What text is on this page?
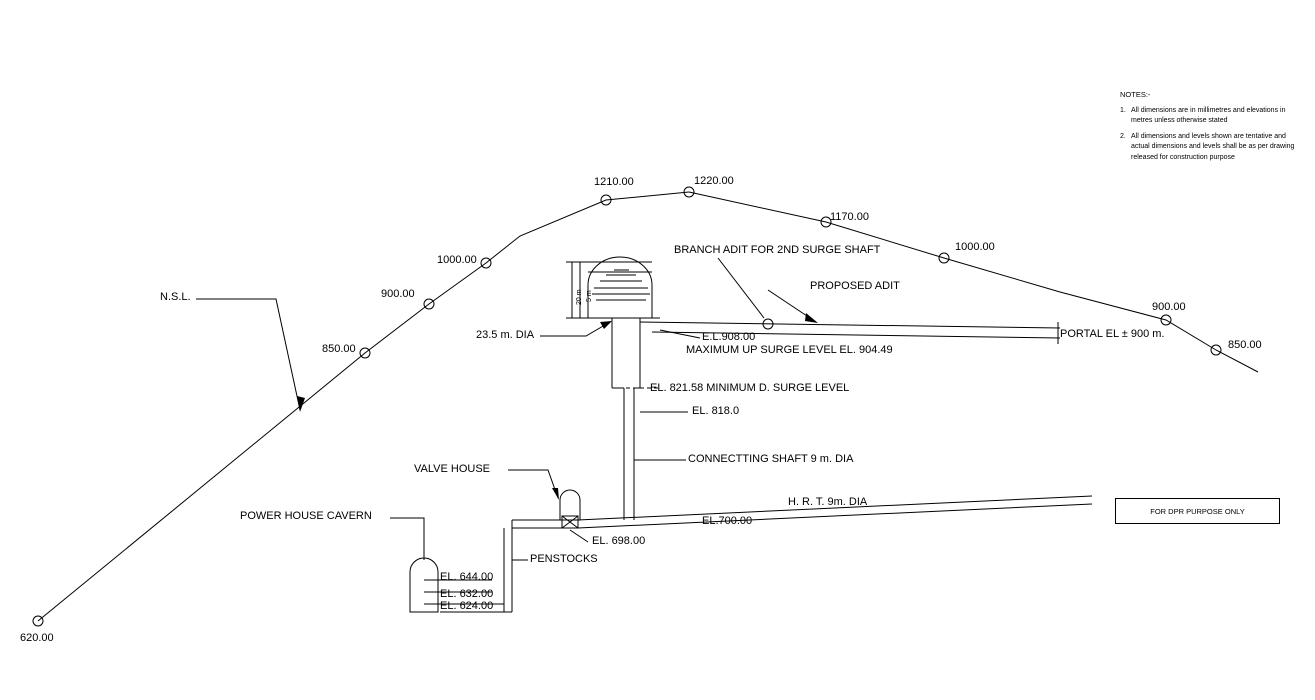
620.00
850.00
900.00
1000.00
1210.00	1220.00
1170.00
1000.00
900.00
850.00
N.S.L.
BRANCH ADIT FOR 2ND SURGE SHAFT
PROPOSED ADIT
PORTAL EL ± 900 m.
23.5 m. DIA	E.L.908.00
MAXIMUM UP SURGE LEVEL EL. 904.49
EL. 821.58 MINIMUM D. SURGE LEVEL
EL. 818.0
CONNECTTING SHAFT 9 m. DIA
H. R. T. 9m. DIA
EL.700.00
VALVE HOUSE
EL. 698.00
PENSTOCKS
POWER HOUSE CAVERN
EL. 644.00
EL. 632.00
EL. 624.00
20 m 5 m
NOTES:-
1. All dimensions are in millimetres and elevations in metres unless otherwise stated
2. All dimensions and levels shown are tentative and actual dimensions and levels shall be as per drawing released for construction purpose
FOR DPR PURPOSE ONLY
